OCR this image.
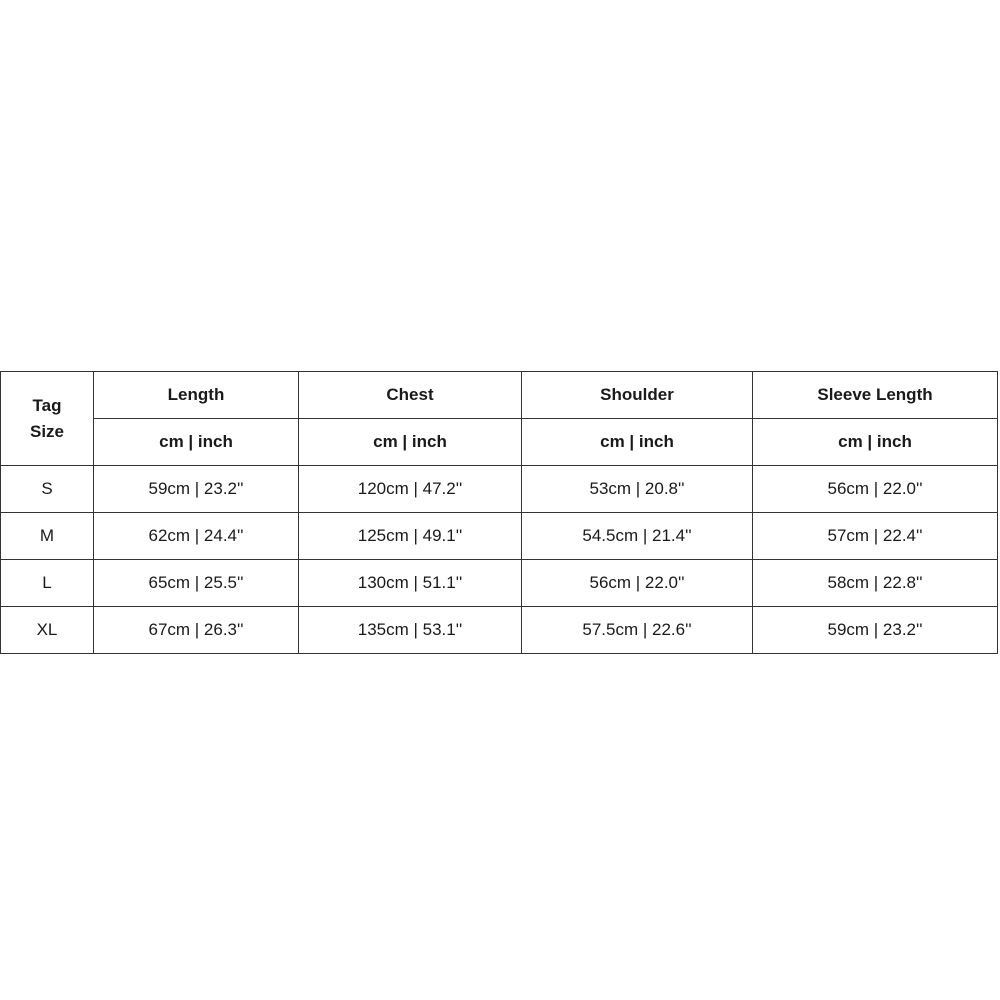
Tag
Size	Length	Chest	Shoulder	Sleeve Length
	cm | inch	cm | inch	cm | inch	cm | inch
S	59cm | 23.2''	120cm | 47.2''	53cm | 20.8''	56cm | 22.0''
M	62cm | 24.4''	125cm | 49.1''	54.5cm | 21.4''	57cm | 22.4''
L	65cm | 25.5''	130cm | 51.1''	56cm | 22.0''	58cm | 22.8''
XL	67cm | 26.3''	135cm | 53.1''	57.5cm | 22.6''	59cm | 23.2''
